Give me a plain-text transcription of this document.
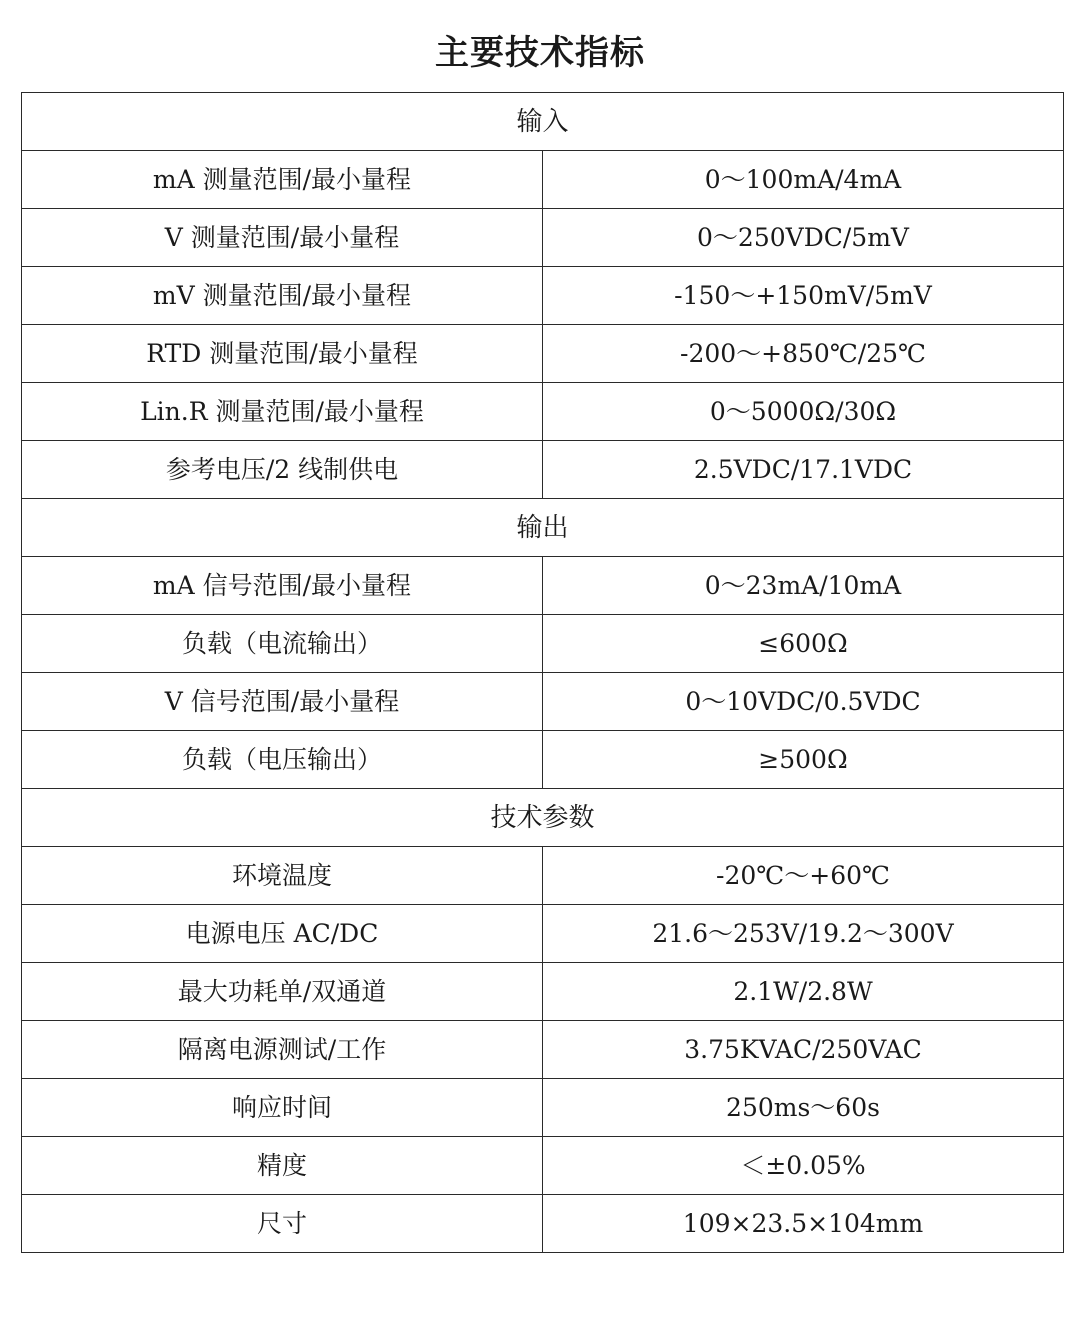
主要技术指标
输入	
mA 测量范围/最小量程	0～100mA/4mA
V 测量范围/最小量程	0～250VDC/5mV
mV 测量范围/最小量程	-150～+150mV/5mV
RTD 测量范围/最小量程	-200～+850℃/25℃
Lin.R 测量范围/最小量程	0～5000Ω/30Ω
参考电压/2 线制供电	2.5VDC/17.1VDC
输出	
mA 信号范围/最小量程	0～23mA/10mA
负载（电流输出）	≤600Ω
V 信号范围/最小量程	0～10VDC/0.5VDC
负载（电压输出）	≥500Ω
技术参数	
环境温度	-20℃～+60℃
电源电压 AC/DC	21.6～253V/19.2～300V
最大功耗单/双通道	2.1W/2.8W
隔离电源测试/工作	3.75KVAC/250VAC
响应时间	250ms～60s
精度	＜±0.05%
尺寸	109×23.5×104mm
